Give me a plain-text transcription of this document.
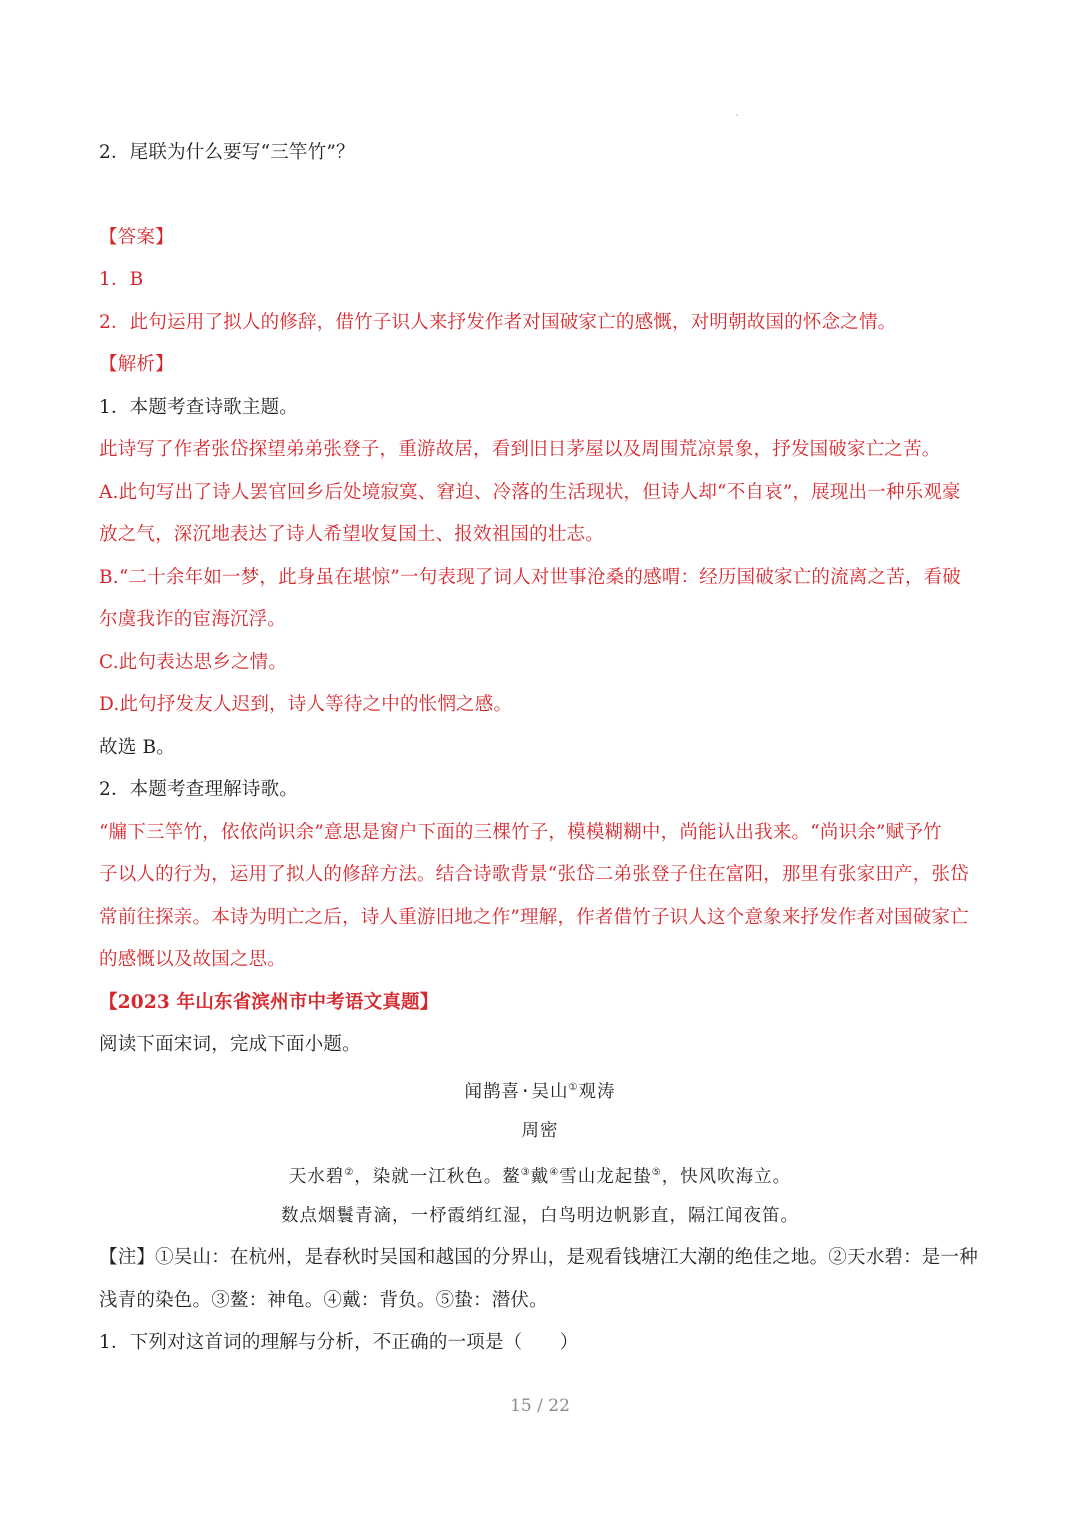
2．尾联为什么要写“三竿竹”？
【答案】
1．B
2．此句运用了拟人的修辞，借竹子识人来抒发作者对国破家亡的感慨，对明朝故国的怀念之情。
【解析】
1．本题考查诗歌主题。
此诗写了作者张岱探望弟弟张登子，重游故居，看到旧日茅屋以及周围荒凉景象，抒发国破家亡之苦。
A.此句写出了诗人罢官回乡后处境寂寞、窘迫、冷落的生活现状，但诗人却“不自哀”，展现出一种乐观豪
放之气，深沉地表达了诗人希望收复国土、报效祖国的壮志。
B.“二十余年如一梦，此身虽在堪惊”一句表现了词人对世事沧桑的感喟：经历国破家亡的流离之苦，看破
尔虞我诈的宦海沉浮。
C.此句表达思乡之情。
D.此句抒发友人迟到，诗人等待之中的怅惘之感。
故选 B。
2．本题考查理解诗歌。
“牖下三竿竹，依依尚识余”意思是窗户下面的三棵竹子，模模糊糊中，尚能认出我来。“尚识余”赋予竹
子以人的行为，运用了拟人的修辞方法。结合诗歌背景“张岱二弟张登子住在富阳，那里有张家田产，张岱
常前往探亲。本诗为明亡之后，诗人重游旧地之作”理解，作者借竹子识人这个意象来抒发作者对国破家亡
的感慨以及故国之思。
【2023 年山东省滨州市中考语文真题】
阅读下面宋词，完成下面小题。
闻鹊喜·吴山①观涛
周密
天水碧②，染就一江秋色。鳌③戴④雪山龙起蛰⑤，快风吹海立。
数点烟鬟青滴，一杼霞绡红湿，白鸟明边帆影直，隔江闻夜笛。
【注】①吴山：在杭州，是春秋时吴国和越国的分界山，是观看钱塘江大潮的绝佳之地。②天水碧：是一种
浅青的染色。③鳌：神龟。④戴：背负。⑤蛰：潜伏。
1．下列对这首词的理解与分析，不正确的一项是（　　）
15 / 22
